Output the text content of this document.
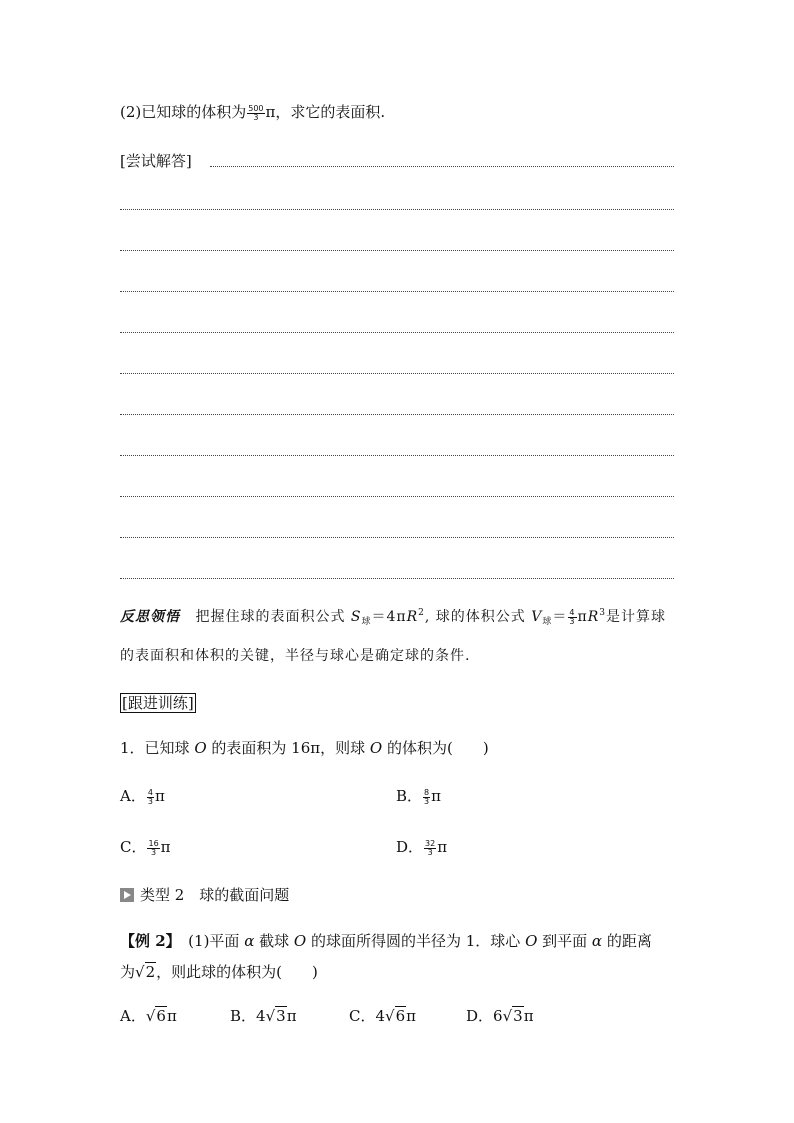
(2)已知球的体积为 $\frac{500}{3}$ π，求它的表面积.
[尝试解答]
反思领悟 把握住球的表面积公式 $S_球=4\pi R^2$, 球的体积公式 $V_球= \frac{4}{3} \pi R^3$是计算球
的表面积和体积的关键，半径与球心是确定球的条件.
[跟进训练]
1．已知球 O 的表面积为 16π，则球 O 的体积为(　　)
A． $\frac{4}{3}$ π	B． $\frac{8}{3}$ π
C． $\frac{16}{3}$ π	D． $\frac{32}{3}$ π
类型 2　球的截面问题
【例 2】　(1)平面 α 截球 O 的球面所得圆的半径为 1．球心 O 到平面 α 的距离
为√2，则此球的体积为(　　)
A．√6π	B．4√3π	C．4√6π	D．6√3π
